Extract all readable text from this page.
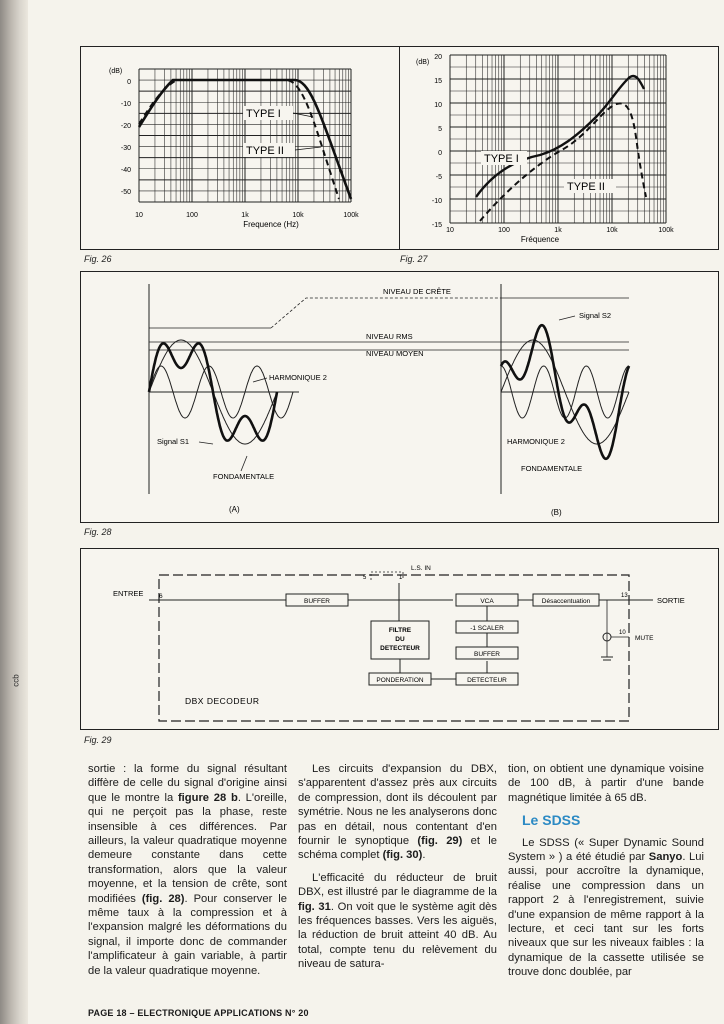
ccb
(dB)
0
-10
-20
-30
-40
-50
10	100	1k	10k	100k
Frequence (Hz)
TYPE I
TYPE II
Fig. 26
(dB)
20
15
10
5
0
-5
-10
-15
10	100	1k	10k	100k
Fréquence
TYPE I
TYPE II
Fig. 27
NIVEAU DE CRÊTE
NIVEAU RMS
NIVEAU MOYEN
HARMONIQUE 2
Signal S1
FONDAMENTALE
(A)
Signal S2
HARMONIQUE 2
FONDAMENTALE
(B)
Fig. 28
ENTREE 6
BUFFER
L.S. IN
5	1
VCA	Désaccentuation
13	SORTIE
10
MUTE
FILTRE
DU
DETECTEUR
PONDERATION	DETECTEUR
BUFFER
-1 SCALER
DBX DECODEUR
Fig. 29

sortie : la forme du signal résultant diffère de celle du signal d'origine ainsi que le montre la figure 28 b. L'oreille, qui ne perçoit pas la phase, reste insensible à ces différences. Par ailleurs, la valeur quadratique moyenne demeure constante dans cette transformation, alors que la valeur moyenne, et la tension de crête, sont modifiées (fig. 28). Pour conserver le même taux à la compression et à l'expansion malgré les déformations du signal, il importe donc de commander l'amplificateur à gain variable, à partir de la valeur quadratique moyenne.

Les circuits d'expansion du DBX, s'apparentent d'assez près aux circuits de compression, dont ils découlent par symétrie. Nous ne les analyserons donc pas en détail, nous contentant d'en fournir le synoptique (fig. 29) et le schéma complet (fig. 30).

L'efficacité du réducteur de bruit DBX, est illustré par le diagramme de la fig. 31. On voit que le système agit dès les fréquences basses. Vers les aiguës, la réduction de bruit atteint 40 dB. Au total, compte tenu du relèvement du niveau de satura-

tion, on obtient une dynamique voisine de 100 dB, à partir d'une bande magnétique limitée à 65 dB.

Le SDSS

Le SDSS (« Super Dynamic Sound System » ) a été étudié par Sanyo. Lui aussi, pour accroître la dynamique, réalise une compression dans un rapport 2 à l'enregistrement, suivie d'une expansion de même rapport à la lecture, et ceci tant sur les forts niveaux que sur les niveaux faibles : la dynamique de la cassette utilisée se trouve donc doublée, par

PAGE 18 – ELECTRONIQUE APPLICATIONS N° 20
